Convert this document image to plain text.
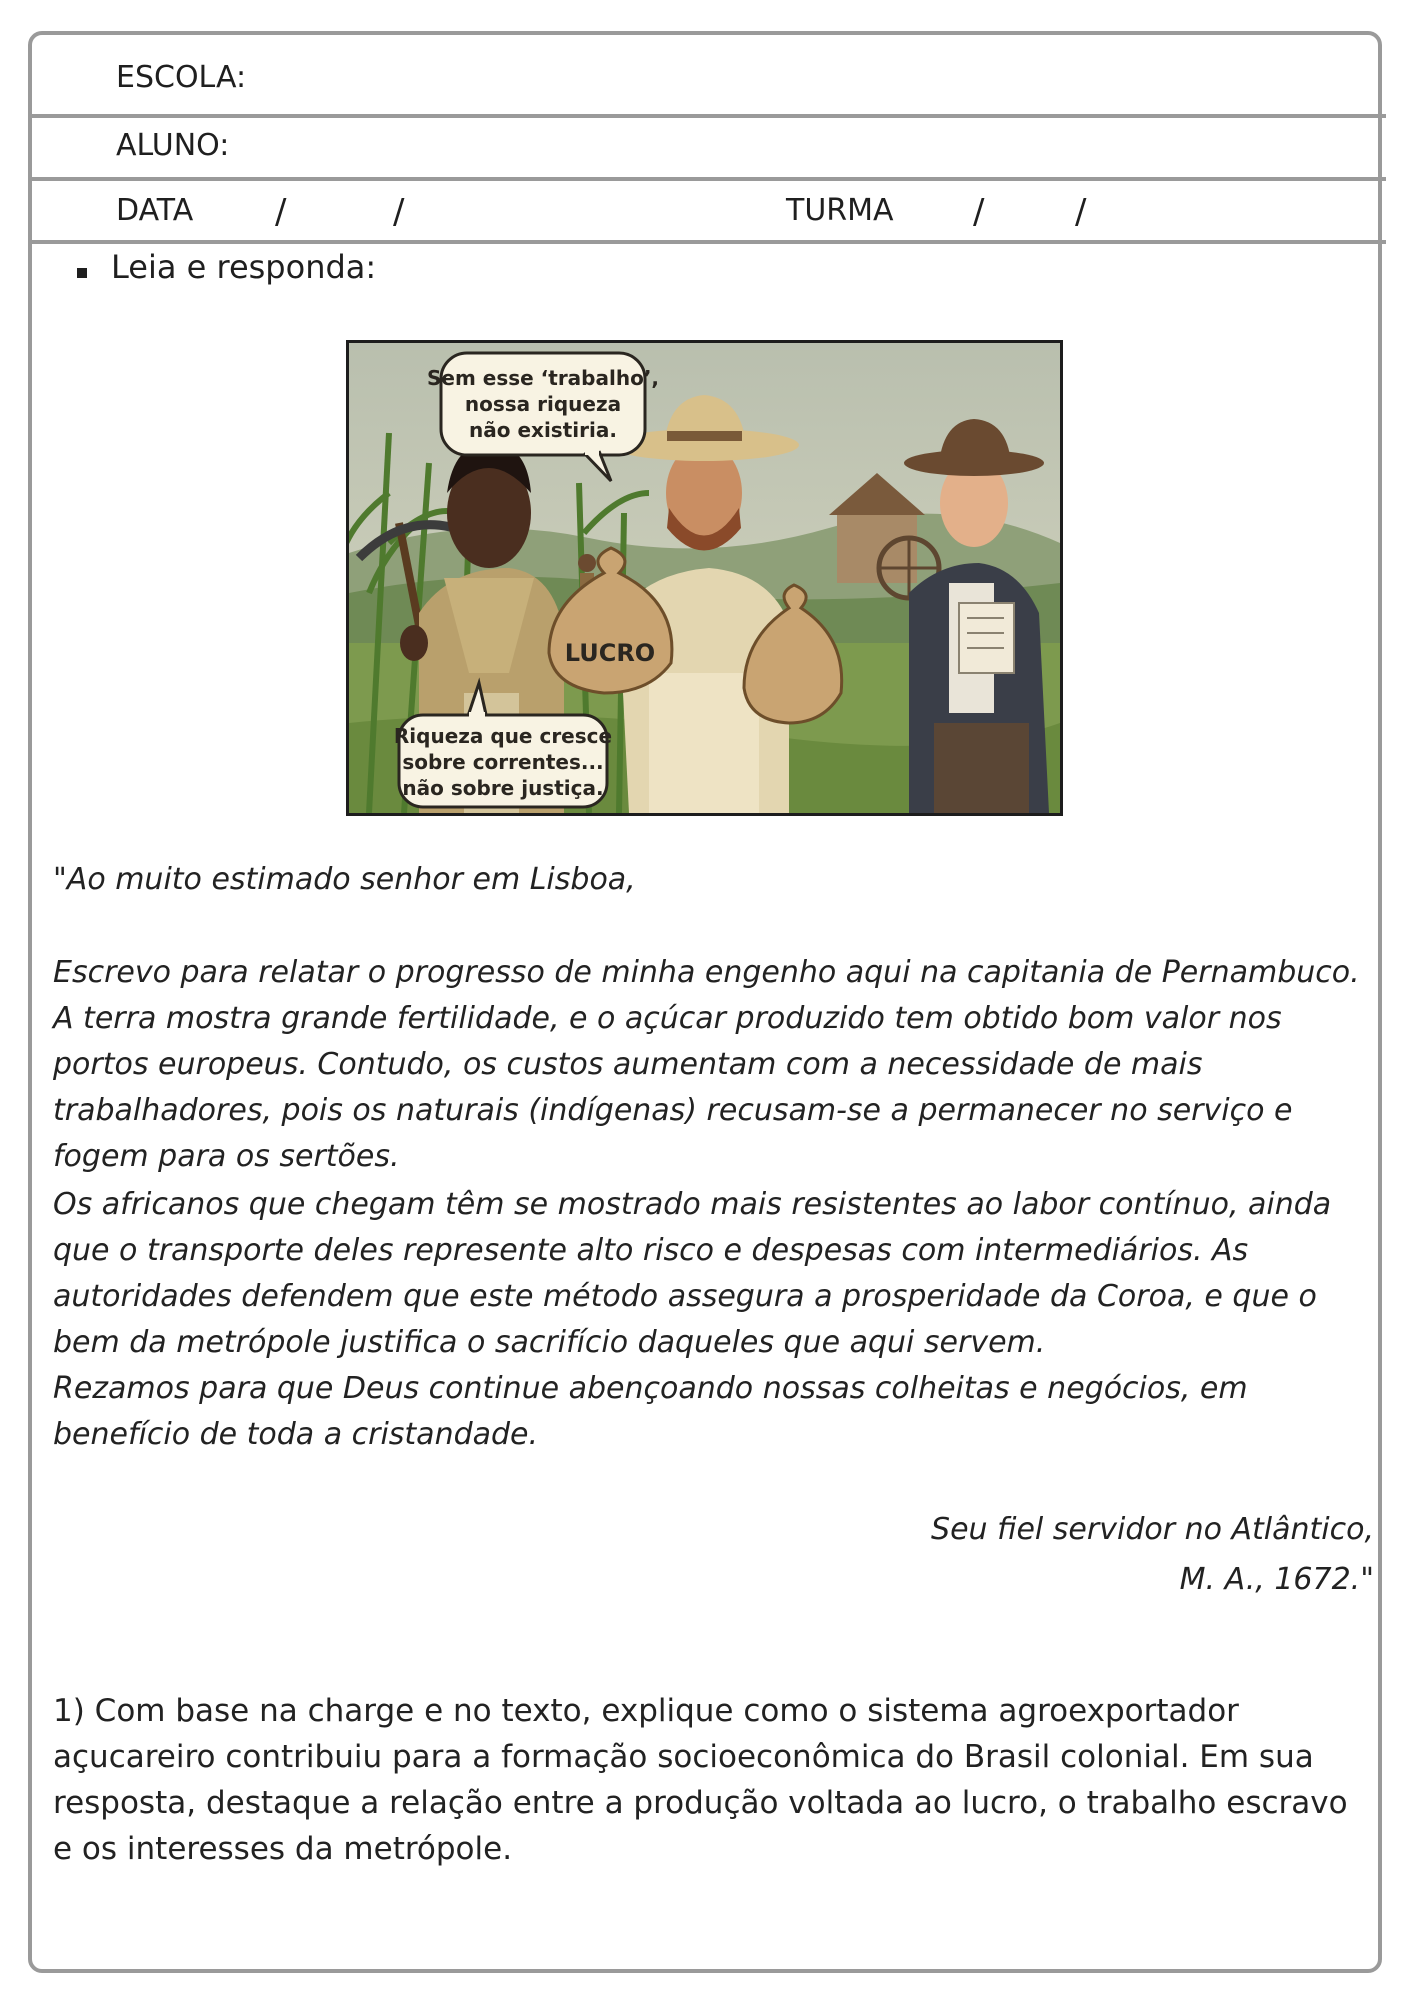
ESCOLA:
ALUNO:
DATA /	/	TURMA /	/
Leia e responda:
LUCRO
Sem esse ‘trabalho’,
nossa riqueza
não existiria.
Riqueza que cresce
sobre correntes...
não sobre justiça.
"Ao muito estimado senhor em Lisboa,

Escrevo para relatar o progresso de minha engenho aqui na capitania de Pernambuco. A terra mostra grande fertilidade, e o açúcar produzido tem obtido bom valor nos portos europeus. Contudo, os custos aumentam com a necessidade de mais trabalhadores, pois os naturais (indígenas) recusam-se a permanecer no serviço e fogem para os sertões.

Os africanos que chegam têm se mostrado mais resistentes ao labor contínuo, ainda que o transporte deles represente alto risco e despesas com intermediários. As autoridades defendem que este método assegura a prosperidade da Coroa, e que o bem da metrópole justifica o sacrifício daqueles que aqui servem.

Rezamos para que Deus continue abençoando nossas colheitas e negócios, em benefício de toda a cristandade.

Seu fiel servidor no Atlântico,
M. A., 1672."
1) Com base na charge e no texto, explique como o sistema agroexportador açucareiro contribuiu para a formação socioeconômica do Brasil colonial. Em sua resposta, destaque a relação entre a produção voltada ao lucro, o trabalho escravo e os interesses da metrópole.
